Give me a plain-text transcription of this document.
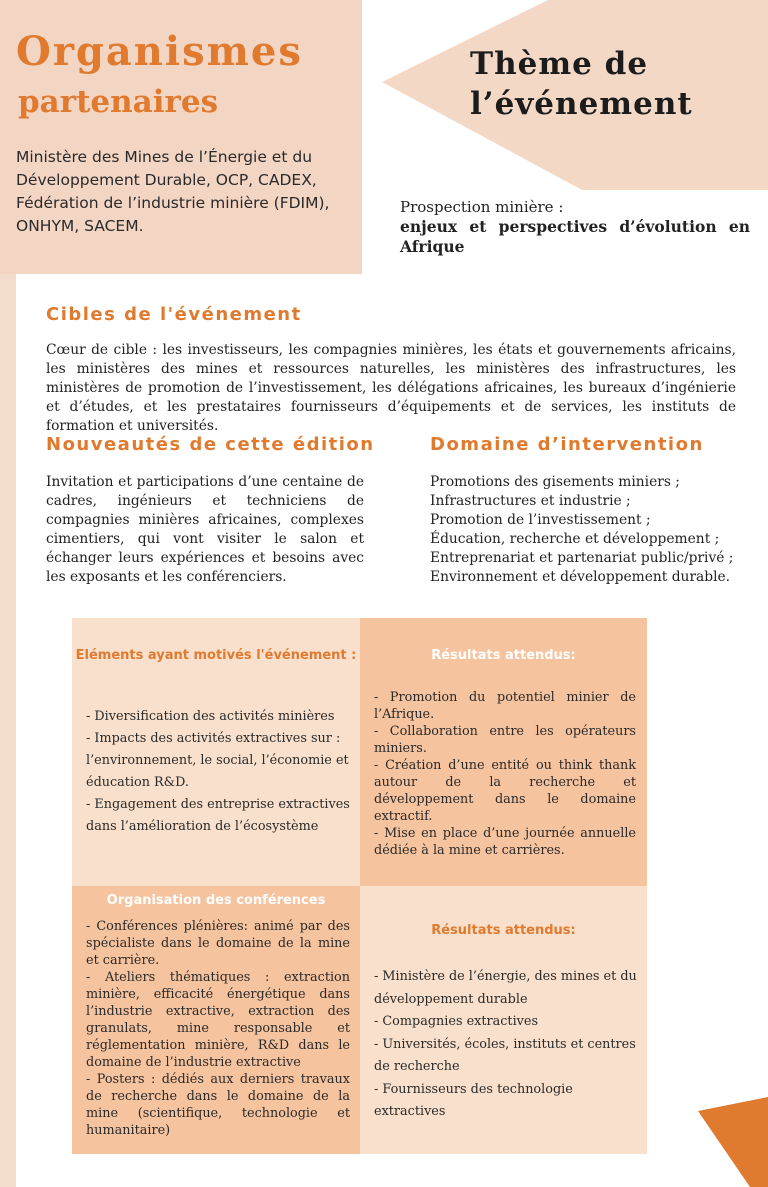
Organismes
partenaires

Ministère des Mines de l’Énergie et du Développement Durable, OCP, CADEX, Fédération de l’industrie minière (FDIM), ONHYM, SACEM.

Thème de
l’événement

Prospection minière :

enjeux et perspectives d’évolution en Afrique

Cibles de l'événement

Cœur de cible : les investisseurs, les compagnies minières, les états et gouvernements africains, les ministères des mines et ressources naturelles, les ministères des infrastructures, les ministères de promotion de l’investissement, les délégations africaines, les bureaux d’ingénierie et d’études, et les prestataires fournisseurs d’équipements et de services, les instituts de formation et universités.

Nouveautés de cette édition

Invitation et participations d’une centaine de cadres, ingénieurs et techniciens de compagnies minières africaines, complexes cimentiers, qui vont visiter le salon et échanger leurs expériences et besoins avec les exposants et les conférenciers.

Domaine d’intervention
Promotions des gisements miniers ;
Infrastructures et industrie ;
Promotion de l’investissement ;
Éducation, recherche et développement ;
Entreprenariat et partenariat public/privé ;
Environnement et développement durable.

Eléments ayant motivés l'événement :

- Diversification des activités minières
- Impacts des activités extractives sur : l’environnement, le social, l’économie et éducation R&D.
- Engagement des entreprise extractives dans l’amélioration de l’écosystème

Résultats attendus:

- Promotion du potentiel minier de l’Afrique.
- Collaboration entre les opérateurs miniers.
- Création d’une entité ou think thank autour de la recherche et développement dans le domaine extractif.
- Mise en place d’une journée annuelle dédiée à la mine et carrières.

Organisation des conférences

- Conférences plénières: animé par des spécialiste dans le domaine de la mine et carrière.
- Ateliers thématiques : extraction minière, efficacité énergétique dans l’industrie extractive, extraction des granulats, mine responsable et réglementation minière, R&D dans le domaine de l’industrie extractive
- Posters : dédiés aux derniers travaux de recherche dans le domaine de la mine (scientifique, technologie et humanitaire)

Résultats attendus:

- Ministère de l’énergie, des mines et du développement durable
- Compagnies extractives
- Universités, écoles, instituts et centres de recherche
- Fournisseurs des technologie extractives
